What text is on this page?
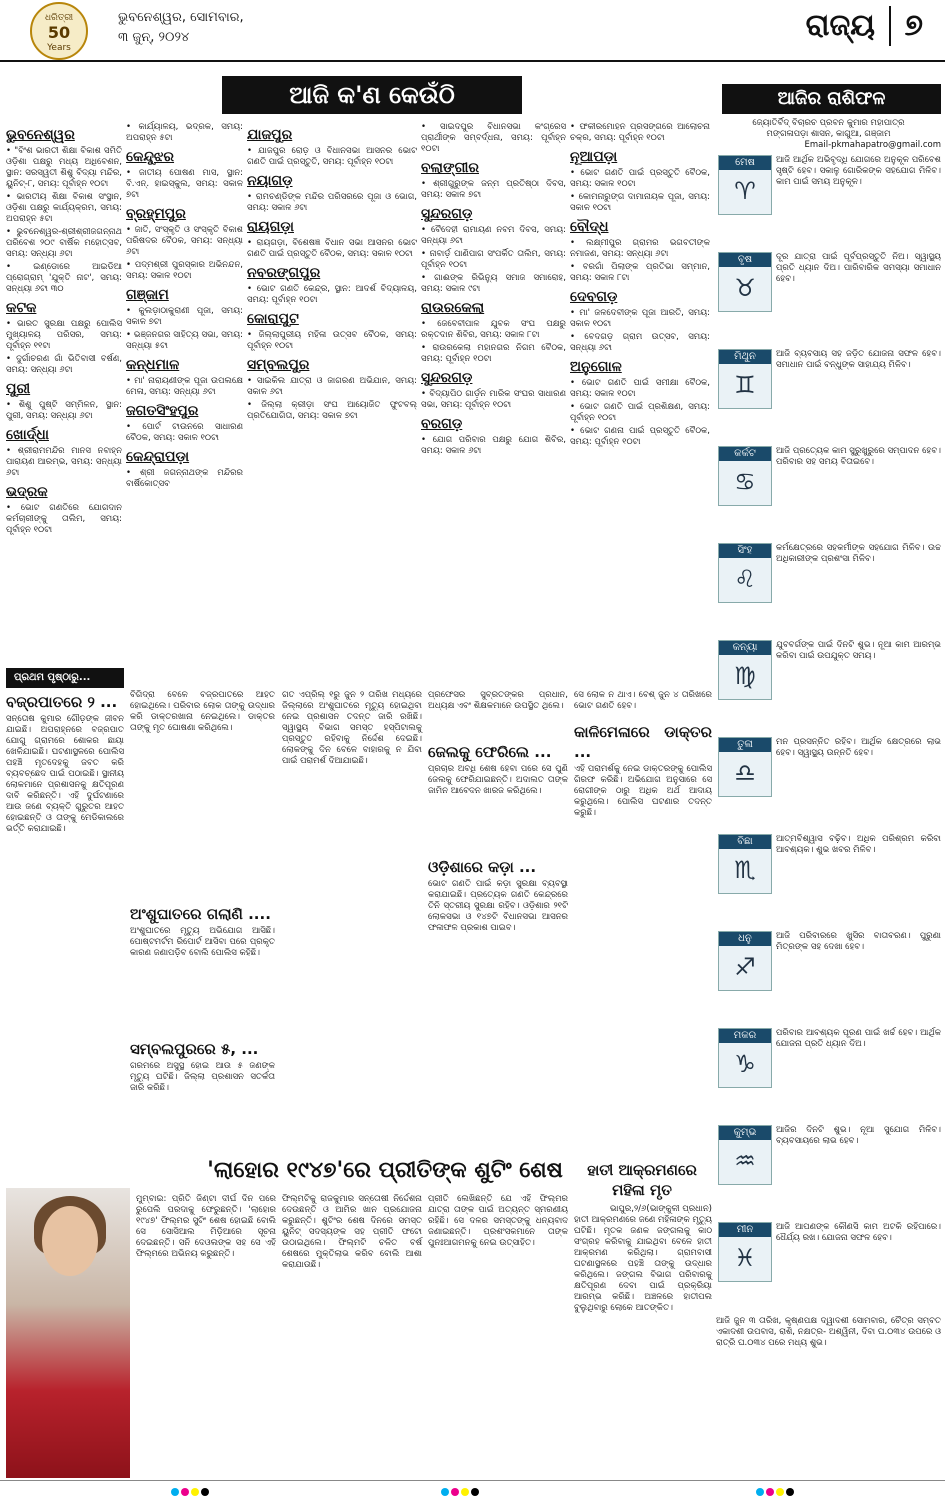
ଧରିତ୍ରୀ
50
Years
ଭୁବନେଶ୍ୱର, ସୋମବାର,
୩ ଜୁନ୍, ୨୦୨୪	ରାଜ୍ୟ ୭
ଆଜି କ'ଣ କେଉଁଠି
ଭୁବନେଶ୍ୱର
• "ବିଂଶ ଭାରତୀ ଶିକ୍ଷା ବିକାଶ ସମିତି ଓଡ଼ିଶା ପକ୍ଷରୁ ମଧ୍ୟ ଅଧିବେଶନ, ସ୍ଥାନ: ସରସ୍ୱତୀ ଶିଶୁ ବିଦ୍ୟା ମନ୍ଦିର, ୟୁନିଟ୍-୮, ସମୟ: ପୂର୍ବାହ୍ନ ୧୦ଟା
• ଭାରତୀୟ ଶିକ୍ଷା ବିକାଶ ସଂସ୍ଥାନ, ଓଡ଼ିଶା ପକ୍ଷରୁ କାର୍ଯ୍ୟକ୍ରମ, ସମୟ: ଅପରାହ୍ନ ୫ଟା
• ଭୁବନେଶ୍ୱର-ଶ୍ରୀଶ୍ରୀଜଗନ୍ନାଥ ପରିବେଶ ୨୦୯ ବାର୍ଷିକ ମହୋତ୍ସବ, ସମୟ: ସନ୍ଧ୍ୟା ୬ଟା
• ଇଣ୍ଡୋରେ ଆଇଡିଆ ପ୍ରୋଗ୍ରାମ୍ 'ଯୁକ୍ତି ନାଟ', ସମୟ: ସନ୍ଧ୍ୟା ୬ଟା ୩୦
କଟକ
• ଭାରତ ସୁରକ୍ଷା ପକ୍ଷରୁ ପୋଲିସ ମୁଖ୍ୟାଳୟ ପରିସର, ସମୟ: ପୂର୍ବାହ୍ନ ୧୧ଟା
• ଦୁର୍ଗାଚରଣ ଗାଁ ଭିତିବାସୀ ବର୍ଷଣ, ସମୟ: ସନ୍ଧ୍ୟା ୬ଟା
ପୁରୀ
• ଶିଶୁ ପୁଷ୍ଟି ସମ୍ମିଳନ, ସ୍ଥାନ: ପୁରୀ, ସମୟ: ସନ୍ଧ୍ୟା ୬ଟା
ଖୋର୍ଦ୍ଧା
• ଶ୍ରୀରାମମନ୍ଦିର ମାନସ ନବାହ୍ନ ପାରାୟଣ ଆରମ୍ଭ, ସମୟ: ସନ୍ଧ୍ୟା ୬ଟା
ଭଦ୍ରକ
• ଭୋଟ ଗଣତିରେ ଯୋଗଦାନ କର୍ମଚାରୀଙ୍କୁ ତାଲିମ, ସମୟ: ପୂର୍ବାହ୍ନ ୧୦ଟା
• କାର୍ଯ୍ୟାଳୟ, ଭଦ୍ରକ, ସମୟ: ଅପରାହ୍ନ ୫ଟା
କେନ୍ଦୁଝର
• ଜାତୀୟ ପୋଷଣ ମାସ, ସ୍ଥାନ: ବି.ଏନ୍. ହାଇସ୍କୁଲ, ସମୟ: ସକାଳ ୭ଟା
ବ୍ରହ୍ମପୁର
• ଜାତି, ସଂସ୍କୃତି ଓ ସଂସ୍କୃତି ବିକାଶ ପରିଷଦର ବୈଠକ, ସମୟ: ସନ୍ଧ୍ୟା ୬ଟା
• ପଦ୍ମଶ୍ରୀ ପୁରସ୍କାର ଅଭିନନ୍ଦନ, ସମୟ: ସକାଳ ୧୦ଟା
ଗଞ୍ଜାମ
• କୁଲଡ଼ାଠାକୁରାଣୀ ପୂଜା, ସମୟ: ସକାଳ ୭ଟା
• ଭଞ୍ଜନଗର ସାହିତ୍ୟ ସଭା, ସମୟ: ସନ୍ଧ୍ୟା ୫ଟା
କନ୍ଧମାଳ
• ମା' ନାରାୟଣୀଙ୍କ ପୂଜା ଉପଲକ୍ଷେ ମେଳା, ସମୟ: ସନ୍ଧ୍ୟା ୬ଟା
ଜଗତସିଂହପୁର
• ପୋର୍ଟ ଟାଉନରେ ସାଧାରଣ ବୈଠକ, ସମୟ: ସକାଳ ୧୦ଟା
କେନ୍ଦ୍ରାପଡ଼ା
• ଶ୍ରୀ ଜଗନ୍ନାଥଙ୍କ ମନ୍ଦିରର ବାର୍ଷିକୋତ୍ସବ
ଯାଜପୁର
• ଯାଜପୁର ରୋଡ଼ ଓ ବିଧାନସଭା ଆସନର ଭୋଟ ଗଣତି ପାଇଁ ପ୍ରସ୍ତୁତି, ସମୟ: ପୂର୍ବାହ୍ନ ୧୦ଟା
ନୟାଗଡ଼
• ରାମଚଣ୍ଡିଙ୍କ ମନ୍ଦିର ପରିସରରେ ପୂଜା ଓ ଭୋଗ, ସମୟ: ସକାଳ ୬ଟା
ରାୟଗଡ଼ା
• ରାୟଗଡ଼ା, ବିଶେଷଜ୍ଞ ବିଧାନ ସଭା ଆସନର ଭୋଟ ଗଣତି ପାଇଁ ପ୍ରସ୍ତୁତି ବୈଠକ, ସମୟ: ସକାଳ ୧୦ଟା
ନବରଙ୍ଗପୁର
• ଭୋଟ ଗଣତି କେନ୍ଦ୍ର, ସ୍ଥାନ: ଆଦର୍ଶ ବିଦ୍ୟାଳୟ, ସମୟ: ପୂର୍ବାହ୍ନ ୧୦ଟା
କୋରାପୁଟ
• ଜିଲ୍ଲାପୁରୀୟ ମହିଳା ଉତ୍ସବ ବୈଠକ, ସମୟ: ପୂର୍ବାହ୍ନ ୧୦ଟା
ସମ୍ବଲପୁର
• ସାଇକିଲ ଯାତ୍ରା ଓ ଜାଗରଣ ଅଭିଯାନ, ସମୟ: ସକାଳ ୬ଟା
• ଜିଲ୍ଲା କ୍ରୀଡ଼ା ସଂଘ ଆୟୋଜିତ ଫୁଟବଲ୍ ପ୍ରତିଯୋଗିତା, ସମୟ: ସକାଳ ୭ଟା
• ସାଇଦପୁର ବିଧାନସଭା କଂଗ୍ରେସ ପ୍ରାର୍ଥୀଙ୍କ ସମ୍ବର୍ଦ୍ଧନା, ସମୟ: ପୂର୍ବାହ୍ନ ୧୦ଟା
ବଲାଙ୍ଗୀର
• ଶ୍ରୀଗୁରୁଙ୍କ ଜନ୍ମ ପ୍ରତିଷ୍ଠା ଦିବସ, ସମୟ: ସକାଳ ୭ଟା
ସୁନ୍ଦରଗଡ଼
• ବୈଦେହୀ ରାମାୟଣ ନବମ ଦିବସ, ସମୟ: ସନ୍ଧ୍ୟା ୬ଟା
• ନାବାର୍ଡ଼ ପାଣିପାଗ ସଂପର୍କିତ ତାଲିମ, ସମୟ: ପୂର୍ବାହ୍ନ ୧୦ଟା
• ଗାଈଙ୍କ ରିଭିନ୍ୟୁ ସମାଜ ସମାରୋହ, ସମୟ: ସକାଳ ୯ଟା
ରାଉରକେଲା
• ଜେବେବୀପାଳ ଯୁବକ ସଂଘ ପକ୍ଷରୁ ରକ୍ତଦାନ ଶିବିର, ସମୟ: ସକାଳ ୮ଟା
• ରାଉରକେଲା ମହାନଗର ନିଗମ ବୈଠକ, ସମୟ: ପୂର୍ବାହ୍ନ ୧୦ଟା
ସୁନ୍ଦରଗଡ଼
• ବିଦ୍ୟାପିଠ ଗାର୍ଡ଼ନ ମାରିକ ସଂଘର ସାଧାରଣ ସଭା, ସମୟ: ପୂର୍ବାହ୍ନ ୧୦ଟା
ବରଗଡ଼
• ଯୋଗ ପରିବାର ପକ୍ଷରୁ ଯୋଗ ଶିବିର, ସମୟ: ସକାଳ ୬ଟା
• ଫକୀରମୋହନ ପ୍ରସଙ୍ଗରେ ଆଲୋଚନା ଚକ୍ର, ସମୟ: ପୂର୍ବାହ୍ନ ୧୦ଟା
ନୂଆପଡ଼ା
• ଭୋଟ ଗଣତି ପାଇଁ ପ୍ରସ୍ତୁତି ବୈଠକ, ସମୟ: ସକାଳ ୧୦ଟା
• କୋମନାରୁଙ୍ଗ ଦାମାନାୟକ ପୂଜା, ସମୟ: ସକାଳ ୧୦ଟା
ବୌଦ୍ଧ
• ଲକ୍ଷ୍ମୀପୁର ଗ୍ରାମର ଭଗବତୀଙ୍କ ନମାଜଣ, ସମୟ: ସନ୍ଧ୍ୟା ୬ଟା
• ବରଗାଁ ପିଲାଙ୍କ ପ୍ରତିଭା ସମ୍ମାନ, ସମୟ: ସକାଳ ୮ଟା
ଦେବଗଡ଼
• ମା' ଜଳଦେବୀଙ୍କ ପୂଜା ଆରତି, ସମୟ: ସକାଳ ୧୦ଟା
• ବେଦଗଡ଼ ଗ୍ରାମ ଉତ୍ସବ, ସମୟ: ସନ୍ଧ୍ୟା ୬ଟା
ଅନୁଗୋଳ
• ଭୋଟ ଗଣତି ପାଇଁ ସମୀକ୍ଷା ବୈଠକ, ସମୟ: ସକାଳ ୧୦ଟା
• ଭୋଟ ଗଣତି ପାଇଁ ପ୍ରଶିକ୍ଷଣ, ସମୟ: ପୂର୍ବାହ୍ନ ୧୦ଟା
• ଭୋଟ ଗଣନା ପାଇଁ ପ୍ରସ୍ତୁତି ବୈଠକ, ସମୟ: ପୂର୍ବାହ୍ନ ୧୦ଟା
ଆଜିର ରାଶିଫଳ
ଜ୍ୟୋତିର୍ବିଦ୍ ବିଚାରଚ ପ୍ରବନ କୁମାର ମହାପାତ୍ର
ମଙ୍ଗଳାପଡ଼ା ଶାସନ, କାଗୁଆ, ଗଞ୍ଜାମ
Email-pkmahapatro@gmail.com
ମେଷ
♈

ଆଜି ଆର୍ଥିକ ଅଭିବୃଦ୍ଧି ଯୋଗରେ ଅନୁକୂଳ ପରିବେଶ ସୃଷ୍ଟି ହେବ। ସକାଳୁ ଗୋରିକଙ୍କ ସହଯୋଗ ମିଳିବ। କାମ ପାଇଁ ସମୟ ଅନୁକୂଳ।

ବୃଷ
♉

ଦୂର ଯାତ୍ରା ପାଇଁ ପୂର୍ବପ୍ରସ୍ତୁତି ନିଅ। ସ୍ୱାସ୍ଥ୍ୟ ପ୍ରତି ଧ୍ୟାନ ଦିଅ। ପାରିବାରିକ ସମସ୍ୟା ସମାଧାନ ହେବ।

ମିଥୁନ
♊

ଆଜି ବ୍ୟବସାୟ ସହ ଜଡ଼ିତ ଯୋଜନା ସଫଳ ହେବ। ସମାଧାନ ପାଇଁ ବନ୍ଧୁଙ୍କ ସାହାଯ୍ୟ ମିଳିବ।

କର୍କଟ
♋

ଆଜି ପ୍ରତ୍ୟେକ କାମ ସୁରୁଖୁରୁରେ ସମ୍ପାଦନ ହେବ। ପରିବାର ସହ ସମୟ ବିତାଇବେ।

ସିଂହ
♌

କର୍ମକ୍ଷେତ୍ରରେ ସହକର୍ମୀଙ୍କ ସହଯୋଗ ମିଳିବ। ଉଚ୍ଚ ଅଧିକାରୀଙ୍କ ପ୍ରଶଂସା ମିଳିବ।

କନ୍ୟା
♍

ଯୁବବର୍ଗଙ୍କ ପାଇଁ ଦିନଟି ଶୁଭ। ନୂଆ କାମ ଆରମ୍ଭ କରିବା ପାଇଁ ଉପଯୁକ୍ତ ସମୟ।

ତୁଳା
♎

ମନ ପ୍ରସନ୍ନିତ ରହିବ। ଆର୍ଥିକ କ୍ଷେତ୍ରରେ ଲାଭ ହେବ। ସ୍ୱାସ୍ଥ୍ୟ ଉନ୍ନତି ହେବ।

ବିଛା
♏

ଆତ୍ମବିଶ୍ୱାସ ବଢ଼ିବ। ଅଧିକ ପରିଶ୍ରମ କରିବା ଆବଶ୍ୟକ। ଶୁଭ ଖବର ମିଳିବ।

ଧନୁ
♐

ଆଜି ପରିବାରରେ ଖୁସିର ବାତାବରଣ। ପୁରୁଣା ମିତ୍ରଙ୍କ ସହ ଦେଖା ହେବ।

ମକର
♑

ପରିବାର ଆବଶ୍ୟକ ପୂରଣ ପାଇଁ ଖର୍ଚ୍ଚ ହେବ। ଆର୍ଥିକ ଯୋଜନା ପ୍ରତି ଧ୍ୟାନ ଦିଅ।

କୁମ୍ଭ
♒

ଆଜିର ଦିନଟି ଶୁଭ। ନୂଆ ସୁଯୋଗ ମିଳିବ। ବ୍ୟବସାୟରେ ଲାଭ ହେବ।

ମୀନ
♓

ଆଜି ଆପଣଙ୍କ କୌଣସି କାମ ଅଟକି ରହିପାରେ। ଧୈର୍ଯ୍ୟ ରଖ। ଯୋଜନା ସଫଳ ହେବ।

ଆଜି ଜୁନ ୩ ତାରିଖ, କୃଷ୍ଣପକ୍ଷ ଦ୍ୱାଦଶୀ ସୋମବାର, ଚୈତ୍ର ସମ୍ବତ ଏକାଦଶୀ ଉପବାସ, ରାଶି, ନକ୍ଷତ୍ର- ଅଶ୍ୱିନୀ, ଦିବା ଘ.୦୩୪ ଉପରେ ଓ ରାତ୍ରି ଘ.୦୩୪ ପରେ ମଧ୍ୟ ଶୁଭ।
ପ୍ରଥମ ପୃଷ୍ଠାରୁ...
ବଜ୍ରପାତରେ ୨ ...
ସନ୍ତୋଷ କୁମାର ଗୌଡ଼ଙ୍କ ଜୀବନ ଯାଇଛି। ଅପରାହ୍ନରେ ବଜ୍ରପାତ ଯୋଗୁ ଗ୍ରାମରେ ଶୋକର ଛାୟା ଖେଳିଯାଇଛି। ଘଟଣାସ୍ଥଳରେ ପୋଲିସ ପହଞ୍ଚି ମୃତଦେହକୁ ଜବତ କରି ବ୍ୟବଚ୍ଛେଦ ପାଇଁ ପଠାଇଛି। ସ୍ଥାନୀୟ ଲୋକମାନେ ପ୍ରଶାସନକୁ କ୍ଷତିପୂରଣ ଦାବି କରିଛନ୍ତି। ଏହି ଦୁର୍ଘଟଣାରେ ଆଉ ଜଣେ ବ୍ୟକ୍ତି ଗୁରୁତର ଆହତ ହୋଇଛନ୍ତି ଓ ତାଙ୍କୁ ମେଡିକାଲରେ ଭର୍ତ୍ତି କରାଯାଇଛି।
ବିଗିଦ୍ରା ବେଳେ ବଜ୍ରପାତରେ ଆହତ ହୋଇଥିଲେ। ପରିବାର ଲୋକ ତାଙ୍କୁ ଉଦ୍ଧାର କରି ଡାକ୍ତରଖାନା ନେଇଥିଲେ। ଡାକ୍ତର ତାଙ୍କୁ ମୃତ ଘୋଷଣା କରିଥିଲେ।
ଅଂଶୁଘାତରେ ଗଲାଣି ....
ଅଂଶୁଘାତରେ ମୃତ୍ୟୁ ଅଭିଯୋଗ ଆସିଛି। ପୋଷ୍ଟମର୍ଟମ ରିପୋର୍ଟ ଆସିବା ପରେ ପ୍ରକୃତ କାରଣ ଜଣାପଡ଼ିବ ବୋଲି ପୋଲିସ କହିଛି।
ସମ୍ବଲପୁରରେ ୫, ...
ଗରମରେ ଅସୁସ୍ଥ ହୋଇ ଆଉ ୫ ଜଣଙ୍କ ମୃତ୍ୟୁ ଘଟିଛି। ଜିଲ୍ଲା ପ୍ରଶାସନ ସତର୍କତା ଜାରି କରିଛି।
ଗତ ଏପ୍ରିଲ୍ ୧ରୁ ଜୁନ ୨ ତାରିଖ ମଧ୍ୟରେ ଜିଲ୍ଲାରେ ଅଂଶୁଘାତରେ ମୃତ୍ୟୁ ହୋଇଥିବା ନେଇ ପ୍ରଶାସନ ତଦନ୍ତ ଜାରି ରଖିଛି। ସ୍ୱାସ୍ଥ୍ୟ ବିଭାଗ ସମସ୍ତ ହସ୍ପିଟାଲକୁ ପ୍ରସ୍ତୁତ ରହିବାକୁ ନିର୍ଦ୍ଦେଶ ଦେଇଛି। ଲୋକଙ୍କୁ ଦିନ ବେଳେ ବାହାରକୁ ନ ଯିବା ପାଇଁ ପରାମର୍ଶ ଦିଆଯାଇଛି।
ପ୍ରଫେସର ସୁବ୍ରତଙ୍କର ପ୍ରଧାନ, ଅଧ୍ୟକ୍ଷ ଏବଂ ଶିକ୍ଷକମାନେ ଉପସ୍ଥିତ ଥିଲେ।
ଜେଲକୁ ଫେରିଲେ ...
ପ୍ରଚାର ଅବଧି ଶେଷ ହେବା ପରେ ସେ ପୁଣି ଜେଲକୁ ଫେରିଯାଇଛନ୍ତି। ଅଦାଲତ ତାଙ୍କ ଜାମିନ ଆବେଦନ ଖାରଜ କରିଥିଲେ।
ଓଡ଼ିଶାରେ କଡ଼ା ...
ଭୋଟ ଗଣତି ପାଇଁ କଡ଼ା ସୁରକ୍ଷା ବ୍ୟବସ୍ଥା କରାଯାଇଛି। ପ୍ରତ୍ୟେକ ଗଣତି କେନ୍ଦ୍ରରେ ତିନି ସ୍ତରୀୟ ସୁରକ୍ଷା ରହିବ। ଓଡ଼ିଶାର ୨୧ଟି ଲୋକସଭା ଓ ୧୪୭ଟି ବିଧାନସଭା ଆସନର ଫଳାଫଳ ପ୍ରକାଶ ପାଇବ।
ସେ ଲୋକ ନ ଥାଏ। ବେଶ୍ ଜୁନ ୪ ତାରିଖରେ ଭୋଟ ଗଣତି ହେବ।
କାଳିମେଳାରେ ଡାକ୍ତର ...
ଏହି ପରାମର୍ଶକୁ ନେଇ ଡାକ୍ତରଙ୍କୁ ପୋଲିସ ଗିରଫ କରିଛି। ଅଭିଯୋଗ ଅନୁସାରେ ସେ ରୋଗୀଙ୍କ ଠାରୁ ଅଧିକ ଅର୍ଥ ଆଦାୟ କରୁଥିଲେ। ପୋଲିସ ଘଟଣାର ତଦନ୍ତ କରୁଛି।
'ଲାହୋର ୧୯୪୭'ରେ ପ୍ରୀତିଙ୍କ ଶୁଟିଂ ଶେଷ
ମୁମ୍ବାଇ: ପ୍ରିତି ଜିଣ୍ଟା ଦୀର୍ଘ ଦିନ ପରେ ରୁପେଲି ପରଦାକୁ ଫେରୁଛନ୍ତି। 'ଲାହୋର ୧୯୪୭' ଫିଲ୍ମର ସୁଟିଂ ଶେଷ ହୋଇଛି ବୋଲି ସେ ସୋସିଆଲ ମିଡ଼ିଆରେ ସୂଚନା ଦେଇଛନ୍ତି। ସନି ଦେଓଲଙ୍କ ସହ ସେ ଏହି ଫିଲ୍ମରେ ଅଭିନୟ କରୁଛନ୍ତି।
ଫିଲ୍ମଟିକୁ ରାଜକୁମାର ସନ୍ତୋଷୀ ନିର୍ଦ୍ଦେଶନା ଦେଉଛନ୍ତି ଓ ଆମିର ଖାନ ପ୍ରଯୋଜନା କରୁଛନ୍ତି। ଶୁଟିଂର ଶେଷ ଦିନରେ ସମସ୍ତ ୟୁନିଟ୍ ସଦସ୍ୟଙ୍କ ସହ ପ୍ରୀତି ଫଟୋ ଉଠାଇଥିଲେ। ଫିଲ୍ମଟି ଚଳିତ ବର୍ଷ ଶେଷରେ ମୁକ୍ତିଲାଭ କରିବ ବୋଲି ଆଶା କରାଯାଉଛି।
ପ୍ରୀତି ଲେଖିଛନ୍ତି ଯେ ଏହି ଫିଲ୍ମର ଯାତ୍ରା ତାଙ୍କ ପାଇଁ ଅତ୍ୟନ୍ତ ସ୍ମରଣୀୟ ରହିଛି। ସେ ଦଳର ସମସ୍ତଙ୍କୁ ଧନ୍ୟବାଦ ଜଣାଇଛନ୍ତି। ପ୍ରଶଂସକମାନେ ତାଙ୍କ ପୁନଃଆଗମନକୁ ନେଇ ଉତ୍ସାହିତ।
ହାତୀ ଆକ୍ରମଣରେ
ମହିଳା ମୃତ
ଭାପୁର,୨/୬(ଭାଙ୍କୁଳୀ ପ୍ରଧାନ)
ହାତୀ ଆକ୍ରମଣରେ ଜଣେ ମହିଳାଙ୍କ ମୃତ୍ୟୁ ଘଟିଛି। ମୃତକ ଜଣକ ଜଙ୍ଗଲକୁ କାଠ ସଂଗ୍ରହ କରିବାକୁ ଯାଇଥିବା ବେଳେ ହାତୀ ଆକ୍ରମଣ କରିଥିଲା। ଗ୍ରାମବାସୀ ଘଟଣାସ୍ଥଳରେ ପହଞ୍ଚି ତାଙ୍କୁ ଉଦ୍ଧାର କରିଥିଲେ। ଜଙ୍ଗଲ ବିଭାଗ ପରିବାରକୁ କ୍ଷତିପୂରଣ ଦେବା ପାଇଁ ପ୍ରକ୍ରିୟା ଆରମ୍ଭ କରିଛି। ଅଞ୍ଚଳରେ ହାତୀପଲ ବୁଲୁଥିବାରୁ ଲୋକେ ଆତଙ୍କିତ।
